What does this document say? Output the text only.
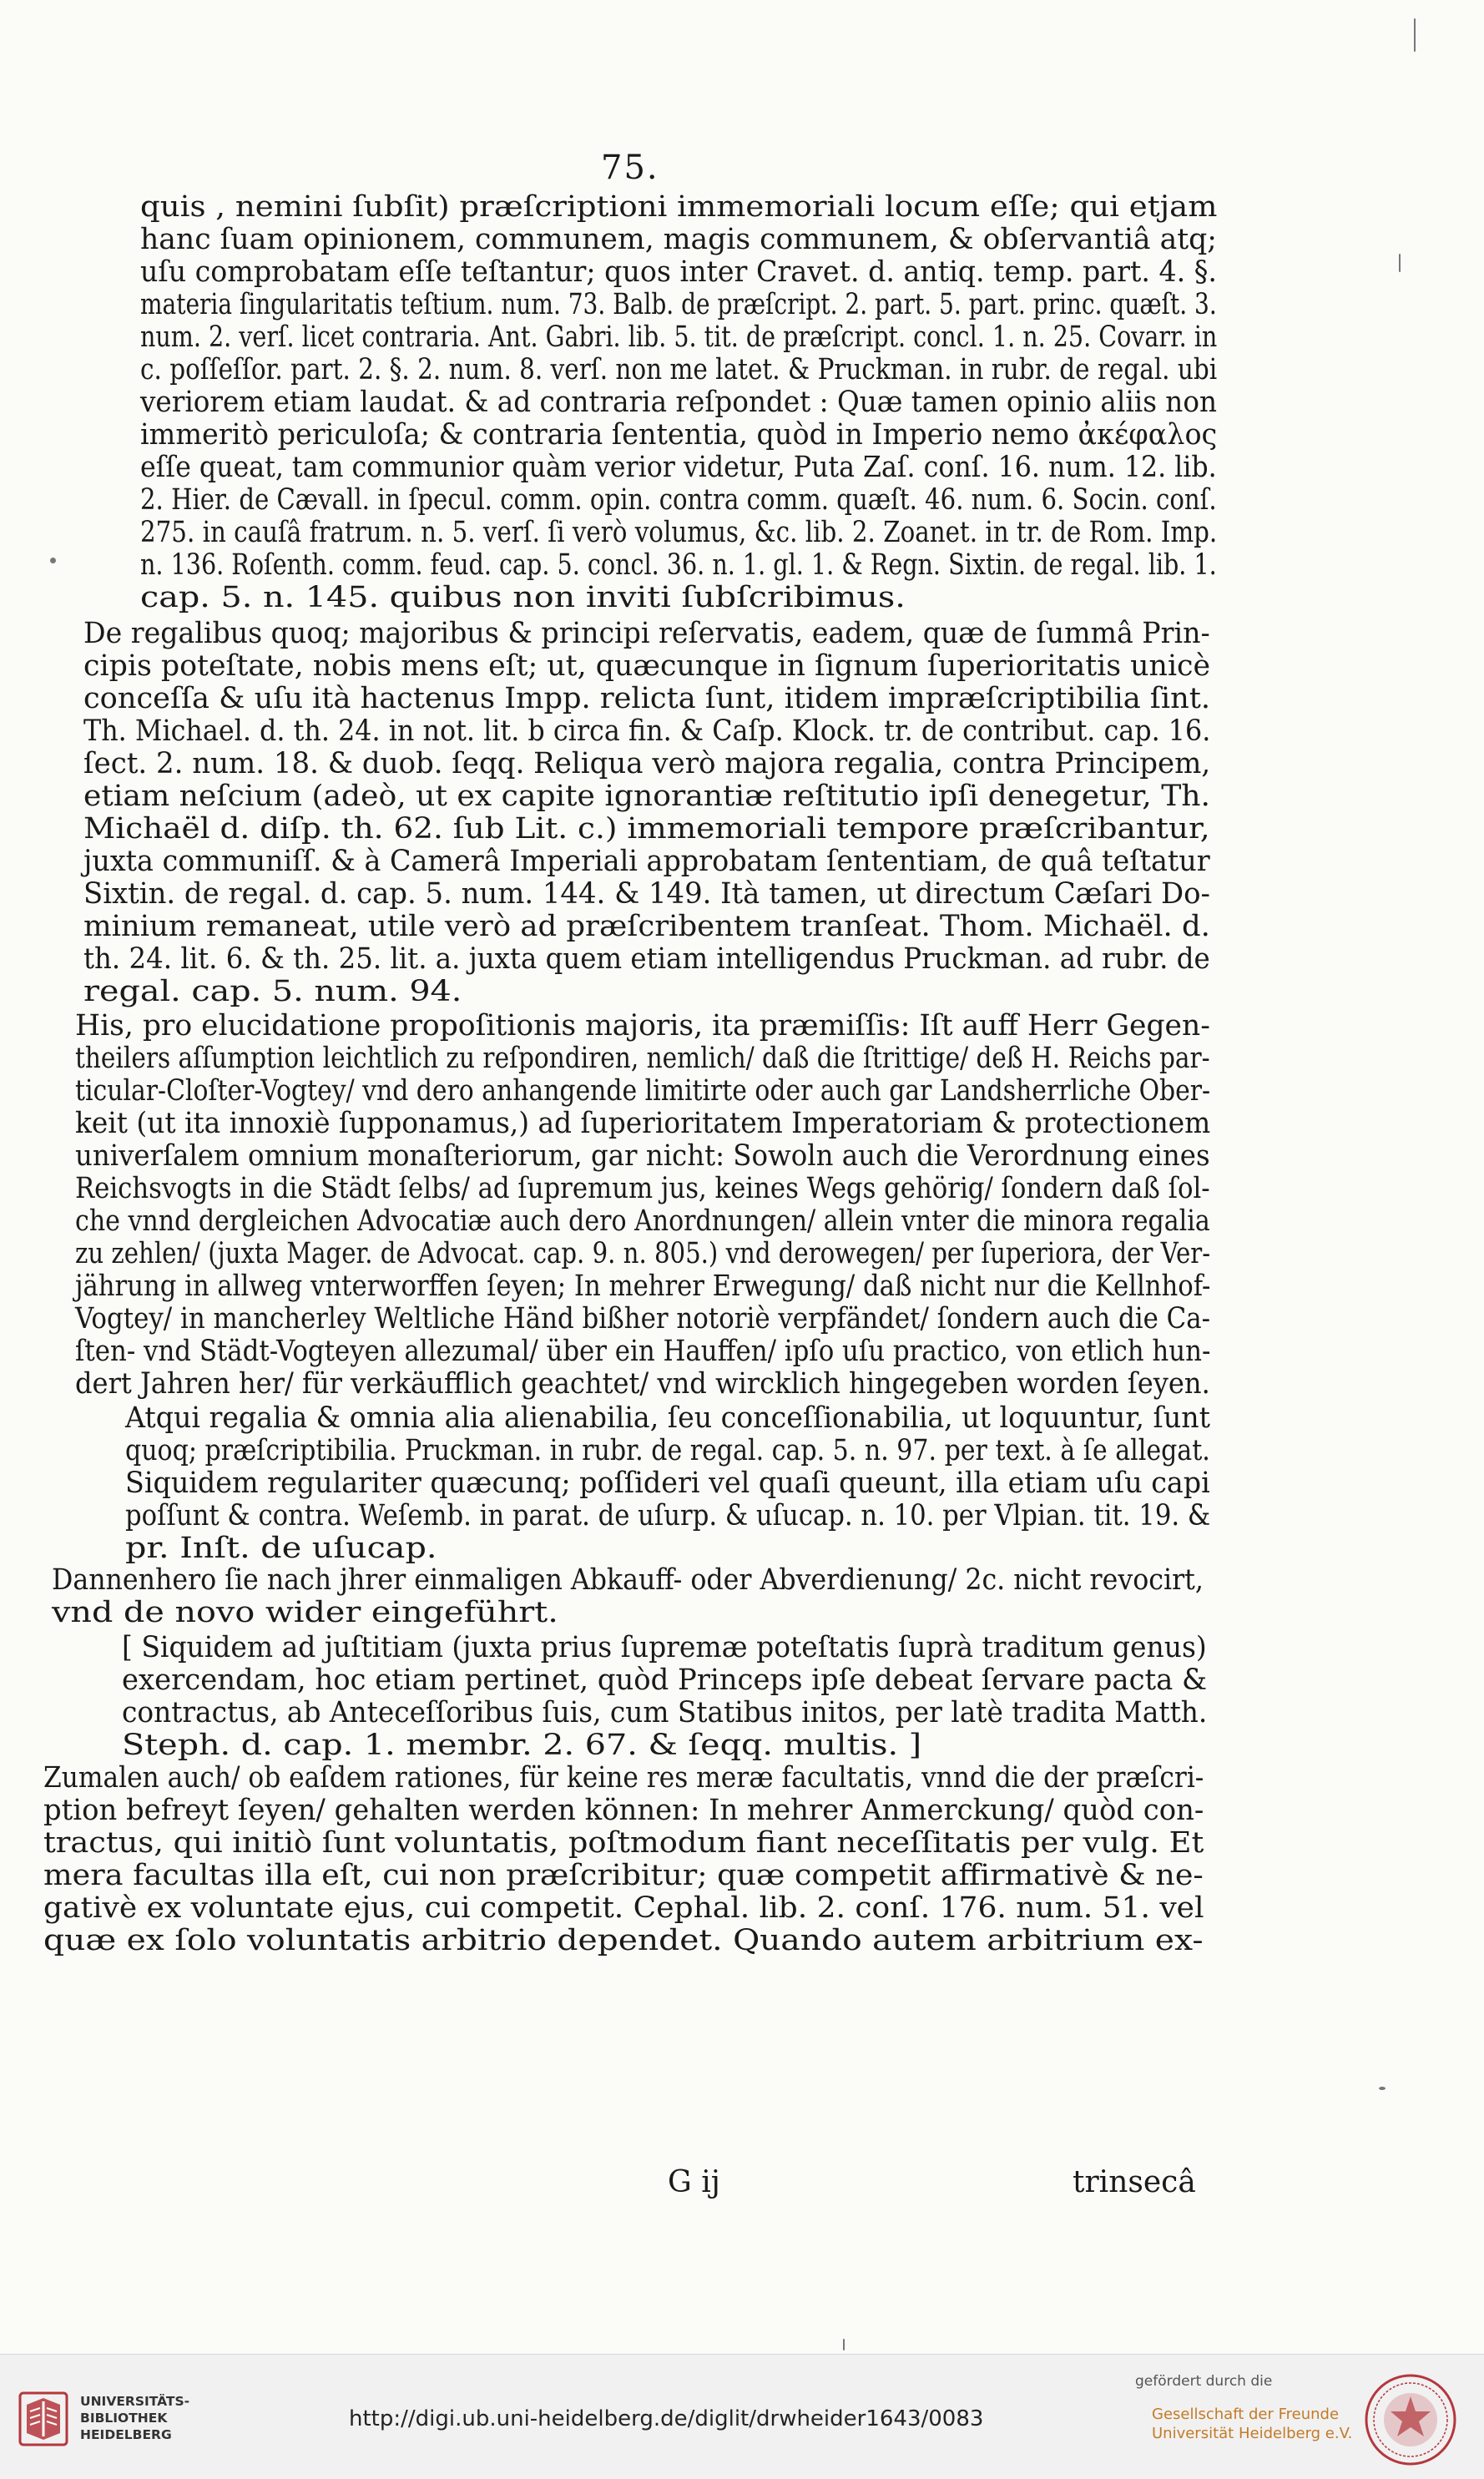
75.
quis , nemini ſubſit) præſcriptioni immemoriali locum eſſe; qui etjam
hanc ſuam opinionem, communem, magis communem, & obſervantiâ atq;
uſu comprobatam eſſe teſtantur; quos inter Cravet. d. antiq. temp. part. 4. §.
materia ſingularitatis teſtium. num. 73. Balb. de præſcript. 2. part. 5. part. princ. quæſt. 3.
num. 2. verſ. licet contraria. Ant. Gabri. lib. 5. tit. de præſcript. concl. 1. n. 25. Covarr. in
c. poſſeſſor. part. 2. §. 2. num. 8. verſ. non me latet. & Pruckman. in rubr. de regal. ubi
veriorem etiam laudat. & ad contraria reſpondet : Quæ tamen opinio aliis non
immeritò periculoſa; & contraria ſententia, quòd in Imperio nemo ἀκέφαλος
eſſe queat, tam communior quàm verior videtur, Puta Zaſ. conſ. 16. num. 12. lib.
2. Hier. de Cævall. in ſpecul. comm. opin. contra comm. quæſt. 46. num. 6. Socin. conſ.
275. in cauſâ fratrum. n. 5. verſ. ſi verò volumus, &c. lib. 2. Zoanet. in tr. de Rom. Imp.
n. 136. Roſenth. comm. feud. cap. 5. concl. 36. n. 1. gl. 1. & Regn. Sixtin. de regal. lib. 1.
cap. 5. n. 145. quibus non inviti ſubſcribimus.
De regalibus quoq; majoribus & principi reſervatis, eadem, quæ de ſummâ Prin-
cipis poteſtate, nobis mens eſt; ut, quæcunque in ſignum ſuperioritatis unicè
conceſſa & uſu ità hactenus Impp. relicta ſunt, itidem impræſcriptibilia ſint.
Th. Michael. d. th. 24. in not. lit. b circa fin. & Caſp. Klock. tr. de contribut. cap. 16.
ſect. 2. num. 18. & duob. ſeqq. Reliqua verò majora regalia, contra Principem,
etiam neſcium (adeò, ut ex capite ignorantiæ reſtitutio ipſi denegetur, Th.
Michaël d. diſp. th. 62. ſub Lit. c.) immemoriali tempore præſcribantur,
juxta communiſſ. & à Camerâ Imperiali approbatam ſententiam, de quâ teſtatur
Sixtin. de regal. d. cap. 5. num. 144. & 149. Ità tamen, ut directum Cæſari Do-
minium remaneat, utile verò ad præſcribentem tranſeat. Thom. Michaël. d.
th. 24. lit. 6. & th. 25. lit. a. juxta quem etiam intelligendus Pruckman. ad rubr. de
regal. cap. 5. num. 94.
His, pro elucidatione propoſitionis majoris, ita præmiſſis: Iſt auff Herr Gegen-
theilers aſſumption leichtlich zu reſpondiren, nemlich/ daß die ſtrittige/ deß H. Reichs par-
ticular-Cloſter-Vogtey/ vnd dero anhangende limitirte oder auch gar Landsherrliche Ober-
keit (ut ita innoxiè ſupponamus,) ad ſuperioritatem Imperatoriam & protectionem
univerſalem omnium monaſteriorum, gar nicht: Sowoln auch die Verordnung eines
Reichsvogts in die Städt ſelbs/ ad ſupremum jus, keines Wegs gehörig/ ſondern daß ſol-
che vnnd dergleichen Advocatiæ auch dero Anordnungen/ allein vnter die minora regalia
zu zehlen/ (juxta Mager. de Advocat. cap. 9. n. 805.) vnd derowegen/ per ſuperiora, der Ver-
jährung in allweg vnterworffen ſeyen; In mehrer Erwegung/ daß nicht nur die Kellnhof-
Vogtey/ in mancherley Weltliche Händ bißher notoriè verpfändet/ ſondern auch die Ca-
ſten- vnd Städt-Vogteyen allezumal/ über ein Hauffen/ ipſo uſu practico, von etlich hun-
dert Jahren her/ für verkäufflich geachtet/ vnd wircklich hingegeben worden ſeyen.
Atqui regalia & omnia alia alienabilia, ſeu conceſſionabilia, ut loquuntur, ſunt
quoq; præſcriptibilia. Pruckman. in rubr. de regal. cap. 5. n. 97. per text. à ſe allegat.
Siquidem regulariter quæcunq; poſſideri vel quaſi queunt, illa etiam uſu capi
poſſunt & contra. Weſemb. in parat. de uſurp. & uſucap. n. 10. per Vlpian. tit. 19. &
pr. Inſt. de uſucap.
Dannenhero ſie nach jhrer einmaligen Abkauff- oder Abverdienung/ 2c. nicht revocirt,
vnd de novo wider eingeführt.
[ Siquidem ad juſtitiam (juxta prius ſupremæ poteſtatis ſuprà traditum genus)
exercendam, hoc etiam pertinet, quòd Princeps ipſe debeat ſervare pacta &
contractus, ab Anteceſſoribus ſuis, cum Statibus initos, per latè tradita Matth.
Steph. d. cap. 1. membr. 2. 67. & ſeqq. multis. ]
Zumalen auch/ ob eaſdem rationes, für keine res meræ facultatis, vnnd die der præſcri-
ption befreyt ſeyen/ gehalten werden können: In mehrer Anmerckung/ quòd con-
tractus, qui initiò ſunt voluntatis, poſtmodum fiant neceſſitatis per vulg. Et
mera facultas illa eſt, cui non præſcribitur; quæ competit affirmativè & ne-
gativè ex voluntate ejus, cui competit. Cephal. lib. 2. conſ. 176. num. 51. vel
quæ ex ſolo voluntatis arbitrio dependet. Quando autem arbitrium ex-
G ij	trinsecâ
UNIVERSITÄTS-
BIBLIOTHEK
HEIDELBERG
http://digi.ub.uni-heidelberg.de/diglit/drwheider1643/0083
gefördert durch die
Gesellschaft der Freunde
Universität Heidelberg e.V.
